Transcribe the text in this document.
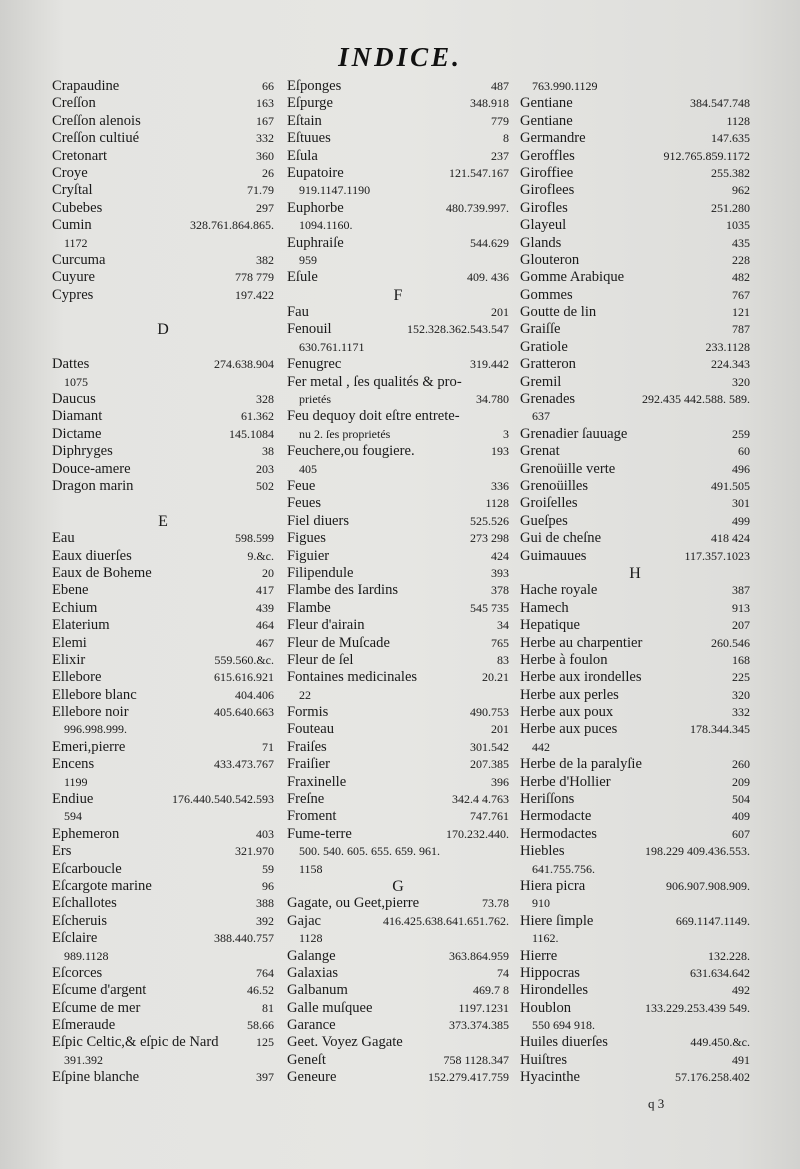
INDICE.
Crapaudine	66
Creſſon	163
Creſſon alenois	167
Creſſon cultiué	332
Cretonart	360
Croye	26
Cryſtal	71.79
Cubebes	297
Cumin	328.761.864.865.
1172
Curcuma	382
Cuyure	778 779
Cypres	197.422
D
Dattes	274.638.904
1075
Daucus	328
Diamant	61.362
Dictame	145.1084
Diphryges	38
Douce-amere	203
Dragon marin	502
E
Eau	598.599
Eaux diuerſes	9.&c.
Eaux de Boheme	20
Ebene	417
Echium	439
Elaterium	464
Elemi	467
Elixir	559.560.&c.
Ellebore	615.616.921
Ellebore blanc	404.406
Ellebore noir	405.640.663
996.998.999.
Emeri,pierre	71
Encens	433.473.767
1199
Endiue	176.440.540.542.593
594
Ephemeron	403
Ers	321.970
Eſcarboucle	59
Eſcargote marine	96
Eſchallotes	388
Eſcheruis	392
Eſclaire	388.440.757
989.1128
Eſcorces	764
Eſcume d'argent	46.52
Eſcume de mer	81
Eſmeraude	58.66
Eſpic Celtic,& eſpic de Nard	125
391.392
Eſpine blanche	397
Eſponges	487
Eſpurge	348.918
Eſtain	779
Eſtuues	8
Eſula	237
Eupatoire	121.547.167
919.1147.1190
Euphorbe	480.739.997.
1094.1160.
Euphraiſe	544.629
959
Eſule	409. 436
F
Fau	201
Fenouil	152.328.362.543.547
630.761.1171
Fenugrec	319.442
Fer metal , ſes qualités & pro-
prietés	34.780
Feu dequoy doit eſtre entrete-
nu 2. ſes proprietés	3
Feuchere,ou fougiere.	193
405
Feue	336
Feues	1128
Fiel diuers	525.526
Figues	273 298
Figuier	424
Filipendule	393
Flambe des Iardins	378
Flambe	545 735
Fleur d'airain	34
Fleur de Muſcade	765
Fleur de ſel	83
Fontaines medicinales	20.21
22
Formis	490.753
Fouteau	201
Fraiſes	301.542
Fraiſier	207.385
Fraxinelle	396
Freſne	342.4 4.763
Froment	747.761
Fume-terre	170.232.440.
500. 540. 605. 655. 659. 961.
1158
G
Gagate, ou Geet,pierre	73.78
Gajac	416.425.638.641.651.762.
1128
Galange	363.864.959
Galaxias	74
Galbanum	469.7 8
Galle muſquee	1197.1231
Garance	373.374.385
Geet. Voyez Gagate
Geneſt	758 1128.347
Geneure	152.279.417.759
763.990.1129
Gentiane	384.547.748
Gentiane	1128
Germandre	147.635
Geroffles	912.765.859.1172
Giroffiee	255.382
Giroflees	962
Girofles	251.280
Glayeul	1035
Glands	435
Glouteron	228
Gomme Arabique	482
Gommes	767
Goutte de lin	121
Graiſſe	787
Gratiole	233.1128
Gratteron	224.343
Gremil	320
Grenades	292.435 442.588. 589.
637
Grenadier ſauuage	259
Grenat	60
Grenoüille verte	496
Grenoüilles	491.505
Groiſelles	301
Gueſpes	499
Gui de cheſne	418 424
Guimauues	117.357.1023
H
Hache royale	387
Hamech	913
Hepatique	207
Herbe au charpentier	260.546
Herbe à foulon	168
Herbe aux irondelles	225
Herbe aux perles	320
Herbe aux poux	332
Herbe aux puces	178.344.345
442
Herbe de la paralyſie	260
Herbe d'Hollier	209
Heriſſons	504
Hermodacte	409
Hermodactes	607
Hiebles	198.229 409.436.553.
641.755.756.
Hiera picra	906.907.908.909.
910
Hiere ſimple	669.1147.1149.
1162.
Hierre	132.228.
Hippocras	631.634.642
Hirondelles	492
Houblon	133.229.253.439 549.
550 694 918.
Huiles diuerſes	449.450.&c.
Huiſtres	491
Hyacinthe	57.176.258.402
q 3
